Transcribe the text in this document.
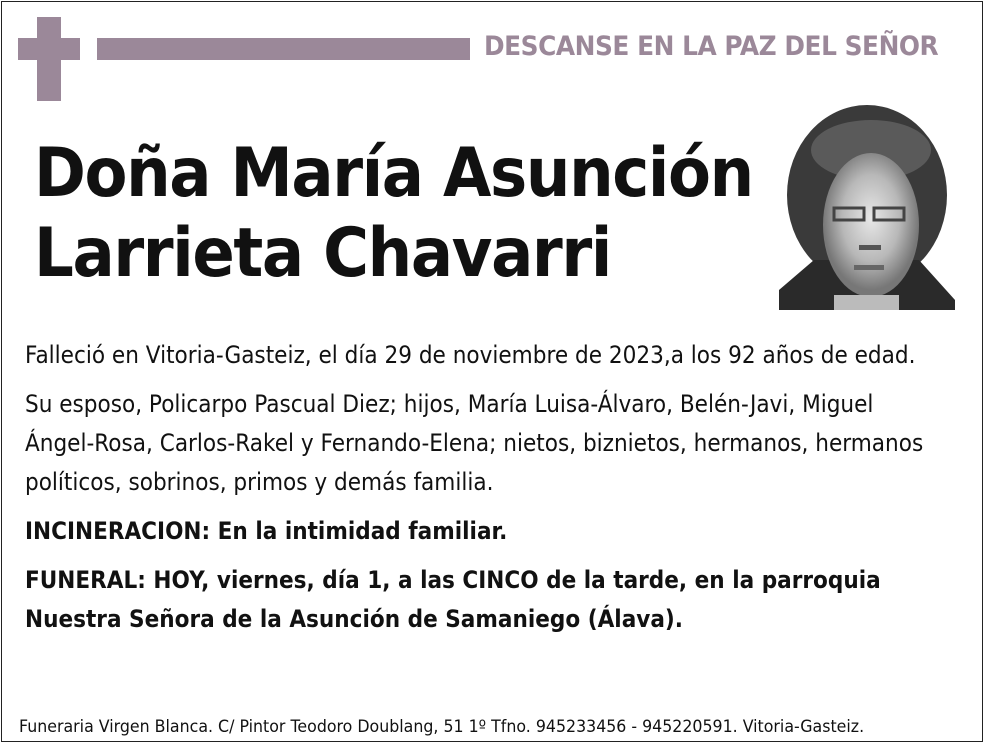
DESCANSE EN LA PAZ DEL SEÑOR
Doña María Asunción
Larrieta Chavarri

Falleció en Vitoria-Gasteiz, el día 29 de noviembre de 2023,a los 92 años de edad.

Su esposo, Policarpo Pascual Diez; hijos, María Luisa-Álvaro, Belén-Javi, Miguel Ángel-Rosa, Carlos-Rakel y Fernando-Elena; nietos, biznietos, hermanos, hermanos políticos, sobrinos, primos y demás familia.

INCINERACION: En la intimidad familiar.

FUNERAL: HOY, viernes, día 1, a las CINCO de la tarde, en la parroquia Nuestra Señora de la Asunción de Samaniego (Álava).

Funeraria Virgen Blanca. C/ Pintor Teodoro Doublang, 51 1º Tfno. 945233456 - 945220591. Vitoria-Gasteiz.
